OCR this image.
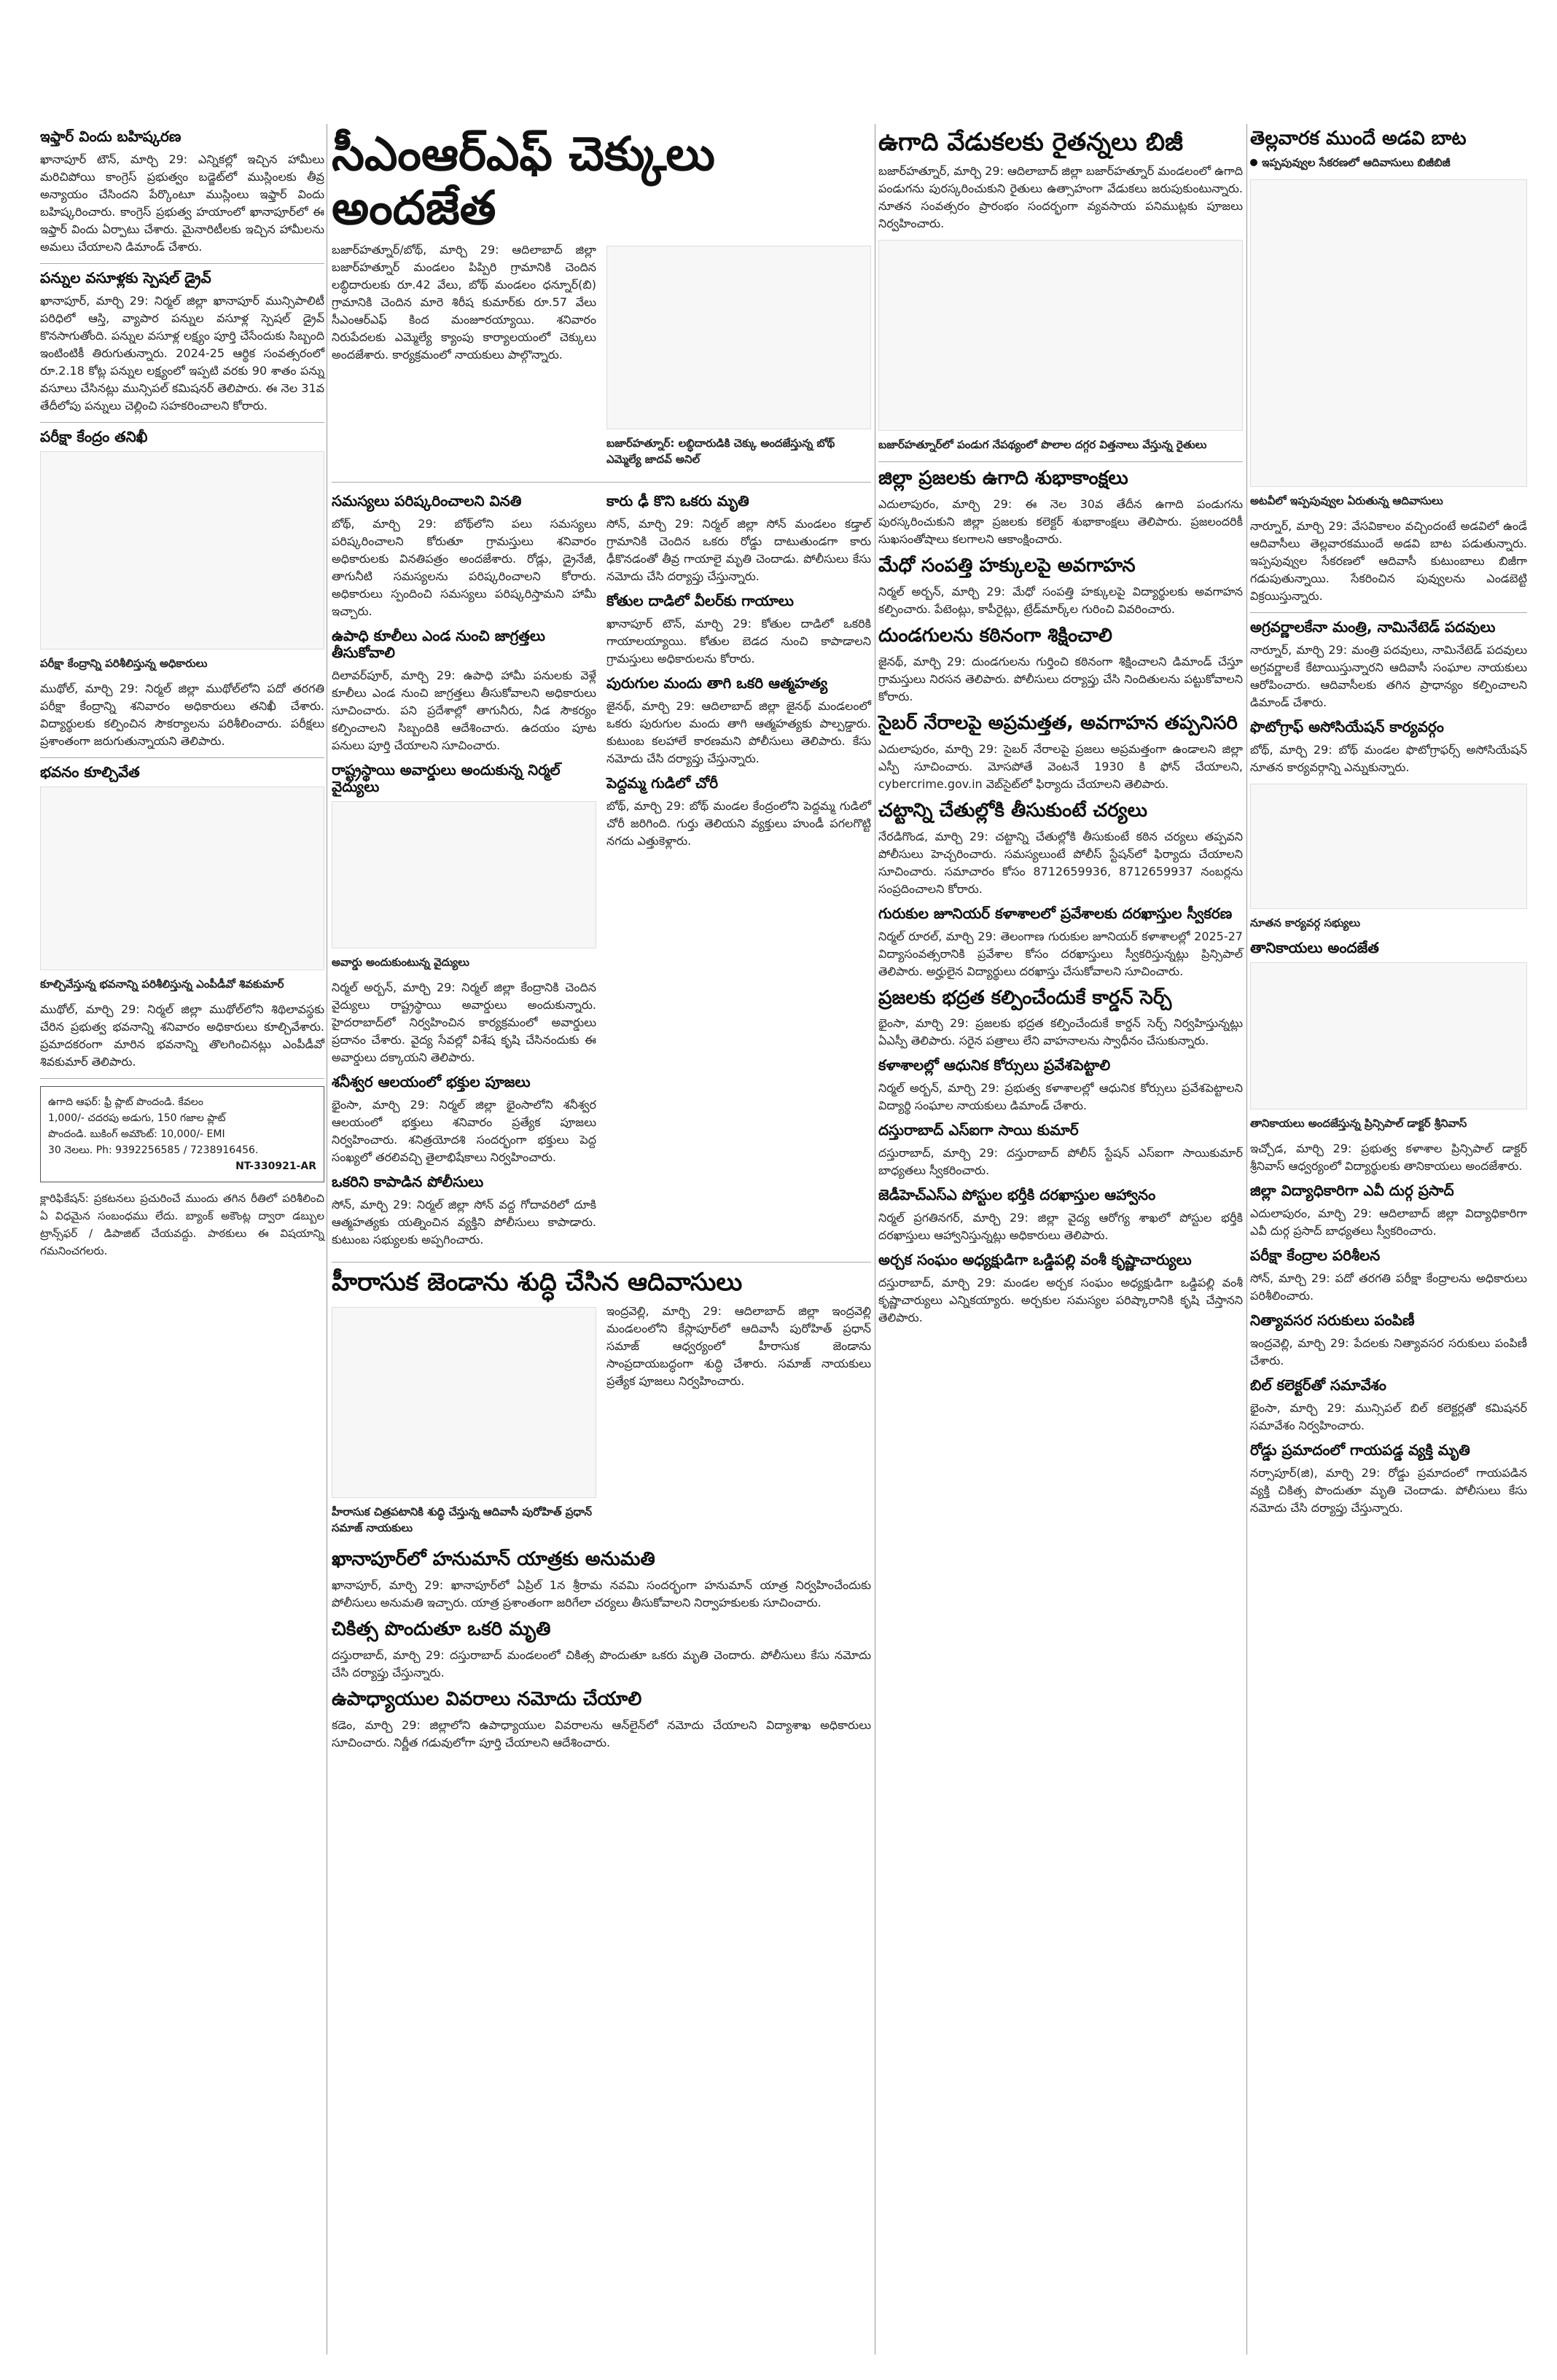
ఇఫ్తార్ విందు బహిష్కరణ

ఖానాపూర్ టౌన్, మార్చి 29: ఎన్నికల్లో ఇచ్చిన హామీలు మరిచిపోయి కాంగ్రెస్ ప్రభుత్వం బడ్జెట్‌లో ముస్లింలకు తీవ్ర అన్యాయం చేసిందని పేర్కొంటూ ముస్లింలు ఇఫ్తార్ విందు బహిష్కరించారు. కాంగ్రెస్ ప్రభుత్వ హయాంలో ఖానాపూర్‌లో ఈ ఇఫ్తార్ విందు ఏర్పాటు చేశారు. మైనారిటీలకు ఇచ్చిన హామీలను అమలు చేయాలని డిమాండ్ చేశారు.

పన్నుల వసూళ్లకు స్పెషల్ డ్రైవ్

ఖానాపూర్, మార్చి 29: నిర్మల్ జిల్లా ఖానాపూర్ మున్సిపాలిటీ పరిధిలో ఆస్తి, వ్యాపార పన్నుల వసూళ్ల స్పెషల్ డ్రైవ్ కొనసాగుతోంది. పన్నుల వసూళ్ల లక్ష్యం పూర్తి చేసేందుకు సిబ్బంది ఇంటింటికీ తిరుగుతున్నారు. 2024-25 ఆర్థిక సంవత్సరంలో రూ.2.18 కోట్ల పన్నుల లక్ష్యంలో ఇప్పటి వరకు 90 శాతం పన్ను వసూలు చేసినట్లు మున్సిపల్ కమిషనర్ తెలిపారు. ఈ నెల 31వ తేదీలోపు పన్నులు చెల్లించి సహకరించాలని కోరారు.

పరీక్షా కేంద్రం తనిఖీ
పరీక్షా కేంద్రాన్ని పరిశీలిస్తున్న అధికారులు

ముథోల్, మార్చి 29: నిర్మల్ జిల్లా ముథోల్‌లోని పదో తరగతి పరీక్షా కేంద్రాన్ని శనివారం అధికారులు తనిఖీ చేశారు. విద్యార్థులకు కల్పించిన సౌకర్యాలను పరిశీలించారు. పరీక్షలు ప్రశాంతంగా జరుగుతున్నాయని తెలిపారు.

భవనం కూల్చివేత
కూల్చివేస్తున్న భవనాన్ని పరిశీలిస్తున్న ఎంపీడీవో శివకుమార్

ముథోల్, మార్చి 29: నిర్మల్ జిల్లా ముథోల్‌లోని శిథిలావస్థకు చేరిన ప్రభుత్వ భవనాన్ని శనివారం అధికారులు కూల్చివేశారు. ప్రమాదకరంగా మారిన భవనాన్ని తొలగించినట్లు ఎంపీడీవో శివకుమార్ తెలిపారు.

ఉగాది ఆఫర్: ఫ్రీ ప్లాట్ పొందండి. కేవలం
1,000/- చదరపు అడుగు, 150 గజాల ప్లాట్
పొందండి. బుకింగ్ అమౌంట్: 10,000/- EMI
30 నెలలు. Ph: 9392256585 / 7238916456.
NT-330921-AR

క్లారిఫికేషన్: ప్రకటనలు ప్రచురించే ముందు తగిన రీతిలో పరిశీలించి ఏ విధమైన సంబంధము లేదు. బ్యాంక్ అకౌంట్ల ద్వారా డబ్బుల ట్రాన్స్‌ఫర్ / డిపాజిట్ చేయవద్దు. పాఠకులు ఈ విషయాన్ని గమనించగలరు.

సీఎంఆర్ఎఫ్ చెక్కులు అందజేత

బజార్‌హత్నూర్/బోథ్, మార్చి 29: ఆదిలాబాద్ జిల్లా బజార్‌హత్నూర్ మండలం పిప్పిరి గ్రామానికి చెందిన లబ్ధిదారులకు రూ.42 వేలు, బోథ్ మండలం ధన్నూర్(బి) గ్రామానికి చెందిన మారె శిరీష కుమార్‌కు రూ.57 వేలు సీఎంఆర్ఎఫ్ కింద మంజూరయ్యాయి. శనివారం నిరుపేదలకు ఎమ్మెల్యే క్యాంపు కార్యాలయంలో చెక్కులు అందజేశారు. కార్యక్రమంలో నాయకులు పాల్గొన్నారు.

బజార్‌హత్నూర్: లబ్ధిదారుడికి చెక్కు అందజేస్తున్న బోథ్ ఎమ్మెల్యే జాదవ్ అనిల్
సమస్యలు పరిష్కరించాలని వినతి

బోథ్, మార్చి 29: బోథ్‌లోని పలు సమస్యలు పరిష్కరించాలని కోరుతూ గ్రామస్తులు శనివారం అధికారులకు వినతిపత్రం అందజేశారు. రోడ్లు, డ్రైనేజీ, తాగునీటి సమస్యలను పరిష్కరించాలని కోరారు. అధికారులు స్పందించి సమస్యలు పరిష్కరిస్తామని హామీ ఇచ్చారు.

ఉపాధి కూలీలు ఎండ నుంచి జాగ్రత్తలు తీసుకోవాలి

దిలావర్‌పూర్, మార్చి 29: ఉపాధి హామీ పనులకు వెళ్లే కూలీలు ఎండ నుంచి జాగ్రత్తలు తీసుకోవాలని అధికారులు సూచించారు. పని ప్రదేశాల్లో తాగునీరు, నీడ సౌకర్యం కల్పించాలని సిబ్బందికి ఆదేశించారు. ఉదయం పూట పనులు పూర్తి చేయాలని సూచించారు.

రాష్ట్రస్థాయి అవార్డులు అందుకున్న నిర్మల్ వైద్యులు
అవార్డు అందుకుంటున్న వైద్యులు

నిర్మల్ అర్బన్, మార్చి 29: నిర్మల్ జిల్లా కేంద్రానికి చెందిన వైద్యులు రాష్ట్రస్థాయి అవార్డులు అందుకున్నారు. హైదరాబాద్‌లో నిర్వహించిన కార్యక్రమంలో అవార్డులు ప్రదానం చేశారు. వైద్య సేవల్లో విశేష కృషి చేసినందుకు ఈ అవార్డులు దక్కాయని తెలిపారు.

శనీశ్వర ఆలయంలో భక్తుల పూజలు

భైంసా, మార్చి 29: నిర్మల్ జిల్లా భైంసాలోని శనీశ్వర ఆలయంలో భక్తులు శనివారం ప్రత్యేక పూజలు నిర్వహించారు. శనిత్రయోదశి సందర్భంగా భక్తులు పెద్ద సంఖ్యలో తరలివచ్చి తైలాభిషేకాలు నిర్వహించారు.

ఒకరిని కాపాడిన పోలీసులు

సోన్, మార్చి 29: నిర్మల్ జిల్లా సోన్ వద్ద గోదావరిలో దూకి ఆత్మహత్యకు యత్నించిన వ్యక్తిని పోలీసులు కాపాడారు. కుటుంబ సభ్యులకు అప్పగించారు.

కారు ఢీ కొని ఒకరు మృతి

సోన్, మార్చి 29: నిర్మల్ జిల్లా సోన్ మండలం కడ్తాల్ గ్రామానికి చెందిన ఒకరు రోడ్డు దాటుతుండగా కారు ఢీకొనడంతో తీవ్ర గాయాలై మృతి చెందాడు. పోలీసులు కేసు నమోదు చేసి దర్యాప్తు చేస్తున్నారు.

కోతుల దాడిలో వీలర్‌కు గాయాలు

ఖానాపూర్ టౌన్, మార్చి 29: కోతుల దాడిలో ఒకరికి గాయాలయ్యాయి. కోతుల బెడద నుంచి కాపాడాలని గ్రామస్తులు అధికారులను కోరారు.

పురుగుల మందు తాగి ఒకరి ఆత్మహత్య

జైనథ్, మార్చి 29: ఆదిలాబాద్ జిల్లా జైనథ్ మండలంలో ఒకరు పురుగుల మందు తాగి ఆత్మహత్యకు పాల్పడ్డారు. కుటుంబ కలహాలే కారణమని పోలీసులు తెలిపారు. కేసు నమోదు చేసి దర్యాప్తు చేస్తున్నారు.

పెద్దమ్మ గుడిలో చోరీ

బోథ్, మార్చి 29: బోథ్ మండల కేంద్రంలోని పెద్దమ్మ గుడిలో చోరీ జరిగింది. గుర్తు తెలియని వ్యక్తులు హుండీ పగలగొట్టి నగదు ఎత్తుకెళ్లారు.

హీరాసుక జెండాను శుద్ధి చేసిన ఆదివాసులు
హీరాసుక చిత్రపటానికి శుద్ధి చేస్తున్న ఆదివాసీ పురోహిత్ ప్రధాన్ సమాజ్ నాయకులు

ఇంద్రవెల్లి, మార్చి 29: ఆదిలాబాద్ జిల్లా ఇంద్రవెల్లి మండలంలోని కేస్లాపూర్‌లో ఆదివాసీ పురోహిత్ ప్రధాన్ సమాజ్ ఆధ్వర్యంలో హీరాసుక జెండాను సాంప్రదాయబద్ధంగా శుద్ధి చేశారు. సమాజ్ నాయకులు ప్రత్యేక పూజలు నిర్వహించారు.

ఖానాపూర్‌లో హనుమాన్ యాత్రకు అనుమతి

ఖానాపూర్, మార్చి 29: ఖానాపూర్‌లో ఏప్రిల్ 1న శ్రీరామ నవమి సందర్భంగా హనుమాన్ యాత్ర నిర్వహించేందుకు పోలీసులు అనుమతి ఇచ్చారు. యాత్ర ప్రశాంతంగా జరిగేలా చర్యలు తీసుకోవాలని నిర్వాహకులకు సూచించారు.

చికిత్స పొందుతూ ఒకరి మృతి

దస్తురాబాద్, మార్చి 29: దస్తురాబాద్ మండలంలో చికిత్స పొందుతూ ఒకరు మృతి చెందారు. పోలీసులు కేసు నమోదు చేసి దర్యాప్తు చేస్తున్నారు.

ఉపాధ్యాయుల వివరాలు నమోదు చేయాలి

కడెం, మార్చి 29: జిల్లాలోని ఉపాధ్యాయుల వివరాలను ఆన్‌లైన్‌లో నమోదు చేయాలని విద్యాశాఖ అధికారులు సూచించారు. నిర్ణీత గడువులోగా పూర్తి చేయాలని ఆదేశించారు.

ఉగాది వేడుకలకు రైతన్నలు బిజీ

బజార్‌హత్నూర్, మార్చి 29: ఆదిలాబాద్ జిల్లా బజార్‌హత్నూర్ మండలంలో ఉగాది పండుగను పురస్కరించుకుని రైతులు ఉత్సాహంగా వేడుకలు జరుపుకుంటున్నారు. నూతన సంవత్సరం ప్రారంభం సందర్భంగా వ్యవసాయ పనిముట్లకు పూజలు నిర్వహించారు.

బజార్‌హత్నూర్‌లో పండుగ నేపథ్యంలో పొలాల దగ్గర విత్తనాలు వేస్తున్న రైతులు
జిల్లా ప్రజలకు ఉగాది శుభాకాంక్షలు

ఎదులాపురం, మార్చి 29: ఈ నెల 30వ తేదీన ఉగాది పండుగను పురస్కరించుకుని జిల్లా ప్రజలకు కలెక్టర్ శుభాకాంక్షలు తెలిపారు. ప్రజలందరికీ సుఖసంతోషాలు కలగాలని ఆకాంక్షించారు.

మేధో సంపత్తి హక్కులపై అవగాహన

నిర్మల్ అర్బన్, మార్చి 29: మేధో సంపత్తి హక్కులపై విద్యార్థులకు అవగాహన కల్పించారు. పేటెంట్లు, కాపీరైట్లు, ట్రేడ్‌మార్క్‌ల గురించి వివరించారు.

దుండగులను కఠినంగా శిక్షించాలి

జైనథ్, మార్చి 29: దుండగులను గుర్తించి కఠినంగా శిక్షించాలని డిమాండ్ చేస్తూ గ్రామస్తులు నిరసన తెలిపారు. పోలీసులు దర్యాప్తు చేసి నిందితులను పట్టుకోవాలని కోరారు.

సైబర్ నేరాలపై అప్రమత్తత, అవగాహన తప్పనిసరి

ఎదులాపురం, మార్చి 29: సైబర్ నేరాలపై ప్రజలు అప్రమత్తంగా ఉండాలని జిల్లా ఎస్పీ సూచించారు. మోసపోతే వెంటనే 1930 కి ఫోన్ చేయాలని, cybercrime.gov.in వెబ్‌సైట్‌లో ఫిర్యాదు చేయాలని తెలిపారు.

చట్టాన్ని చేతుల్లోకి తీసుకుంటే చర్యలు

నేరడిగొండ, మార్చి 29: చట్టాన్ని చేతుల్లోకి తీసుకుంటే కఠిన చర్యలు తప్పవని పోలీసులు హెచ్చరించారు. సమస్యలుంటే పోలీస్ స్టేషన్‌లో ఫిర్యాదు చేయాలని సూచించారు. సమాచారం కోసం 8712659936, 8712659937 నంబర్లను సంప్రదించాలని కోరారు.

గురుకుల జూనియర్ కళాశాలలో ప్రవేశాలకు దరఖాస్తుల స్వీకరణ

నిర్మల్ రూరల్, మార్చి 29: తెలంగాణ గురుకుల జూనియర్ కళాశాలల్లో 2025-27 విద్యాసంవత్సరానికి ప్రవేశాల కోసం దరఖాస్తులు స్వీకరిస్తున్నట్లు ప్రిన్సిపాల్ తెలిపారు. అర్హులైన విద్యార్థులు దరఖాస్తు చేసుకోవాలని సూచించారు.

ప్రజలకు భద్రత కల్పించేందుకే కార్డన్ సెర్చ్

భైంసా, మార్చి 29: ప్రజలకు భద్రత కల్పించేందుకే కార్డన్ సెర్చ్ నిర్వహిస్తున్నట్లు ఏఎస్పీ తెలిపారు. సరైన పత్రాలు లేని వాహనాలను స్వాధీనం చేసుకున్నారు.

కళాశాలల్లో ఆధునిక కోర్సులు ప్రవేశపెట్టాలి

నిర్మల్ అర్బన్, మార్చి 29: ప్రభుత్వ కళాశాలల్లో ఆధునిక కోర్సులు ప్రవేశపెట్టాలని విద్యార్థి సంఘాల నాయకులు డిమాండ్ చేశారు.

దస్తురాబాద్ ఎస్ఐగా సాయి కుమార్

దస్తురాబాద్, మార్చి 29: దస్తురాబాద్ పోలీస్ స్టేషన్ ఎస్ఐగా సాయికుమార్ బాధ్యతలు స్వీకరించారు.

జెడీహెచ్‌ఎస్‌ఎ పోస్టుల భర్తీకి దరఖాస్తుల ఆహ్వానం

నిర్మల్ ప్రగతినగర్, మార్చి 29: జిల్లా వైద్య ఆరోగ్య శాఖలో పోస్టుల భర్తీకి దరఖాస్తులు ఆహ్వానిస్తున్నట్లు అధికారులు తెలిపారు.

అర్చక సంఘం అధ్యక్షుడిగా ఒడ్డిపల్లి వంశీ కృష్ణాచార్యులు

దస్తురాబాద్, మార్చి 29: మండల అర్చక సంఘం అధ్యక్షుడిగా ఒడ్డిపల్లి వంశీ కృష్ణాచార్యులు ఎన్నికయ్యారు. అర్చకుల సమస్యల పరిష్కారానికి కృషి చేస్తానని తెలిపారు.

తెల్లవారక ముందే అడవి బాట
ఇప్పపువ్వుల సేకరణలో ఆదివాసులు బిజీబిజీ
అటవీలో ఇప్పపువ్వుల ఏరుతున్న ఆదివాసులు

నార్నూర్, మార్చి 29: వేసవికాలం వచ్చిందంటే అడవిలో ఉండే ఆదివాసీలు తెల్లవారకముందే అడవి బాట పడుతున్నారు. ఇప్పపువ్వుల సేకరణలో ఆదివాసీ కుటుంబాలు బిజీగా గడుపుతున్నాయి. సేకరించిన పువ్వులను ఎండబెట్టి విక్రయిస్తున్నారు.

అగ్రవర్ణాలకేనా మంత్రి, నామినేటెడ్ పదవులు

నార్నూర్, మార్చి 29: మంత్రి పదవులు, నామినేటెడ్ పదవులు అగ్రవర్ణాలకే కేటాయిస్తున్నారని ఆదివాసీ సంఘాల నాయకులు ఆరోపించారు. ఆదివాసీలకు తగిన ప్రాధాన్యం కల్పించాలని డిమాండ్ చేశారు.

ఫొటోగ్రాఫ్ అసోసియేషన్ కార్యవర్గం

బోథ్, మార్చి 29: బోథ్ మండల ఫొటోగ్రాఫర్స్ అసోసియేషన్ నూతన కార్యవర్గాన్ని ఎన్నుకున్నారు.

నూతన కార్యవర్గ సభ్యులు
తానికాయలు అందజేత
తానికాయలు అందజేస్తున్న ప్రిన్సిపాల్ డాక్టర్ శ్రీనివాస్

ఇచ్చోడ, మార్చి 29: ప్రభుత్వ కళాశాల ప్రిన్సిపాల్ డాక్టర్ శ్రీనివాస్ ఆధ్వర్యంలో విద్యార్థులకు తానికాయలు అందజేశారు.

జిల్లా విద్యాధికారిగా ఎవీ దుర్గ ప్రసాద్

ఎదులాపురం, మార్చి 29: ఆదిలాబాద్ జిల్లా విద్యాధికారిగా ఎవీ దుర్గ ప్రసాద్ బాధ్యతలు స్వీకరించారు.

పరీక్షా కేంద్రాల పరిశీలన

సోన్, మార్చి 29: పదో తరగతి పరీక్షా కేంద్రాలను అధికారులు పరిశీలించారు.

నిత్యావసర సరుకులు పంపిణీ

ఇంద్రవెల్లి, మార్చి 29: పేదలకు నిత్యావసర సరుకులు పంపిణీ చేశారు.

బిల్ కలెక్టర్‌తో సమావేశం

భైంసా, మార్చి 29: మున్సిపల్ బిల్ కలెక్టర్లతో కమిషనర్ సమావేశం నిర్వహించారు.

రోడ్డు ప్రమాదంలో గాయపడ్డ వ్యక్తి మృతి

నర్సాపూర్(జి), మార్చి 29: రోడ్డు ప్రమాదంలో గాయపడిన వ్యక్తి చికిత్స పొందుతూ మృతి చెందాడు. పోలీసులు కేసు నమోదు చేసి దర్యాప్తు చేస్తున్నారు.
